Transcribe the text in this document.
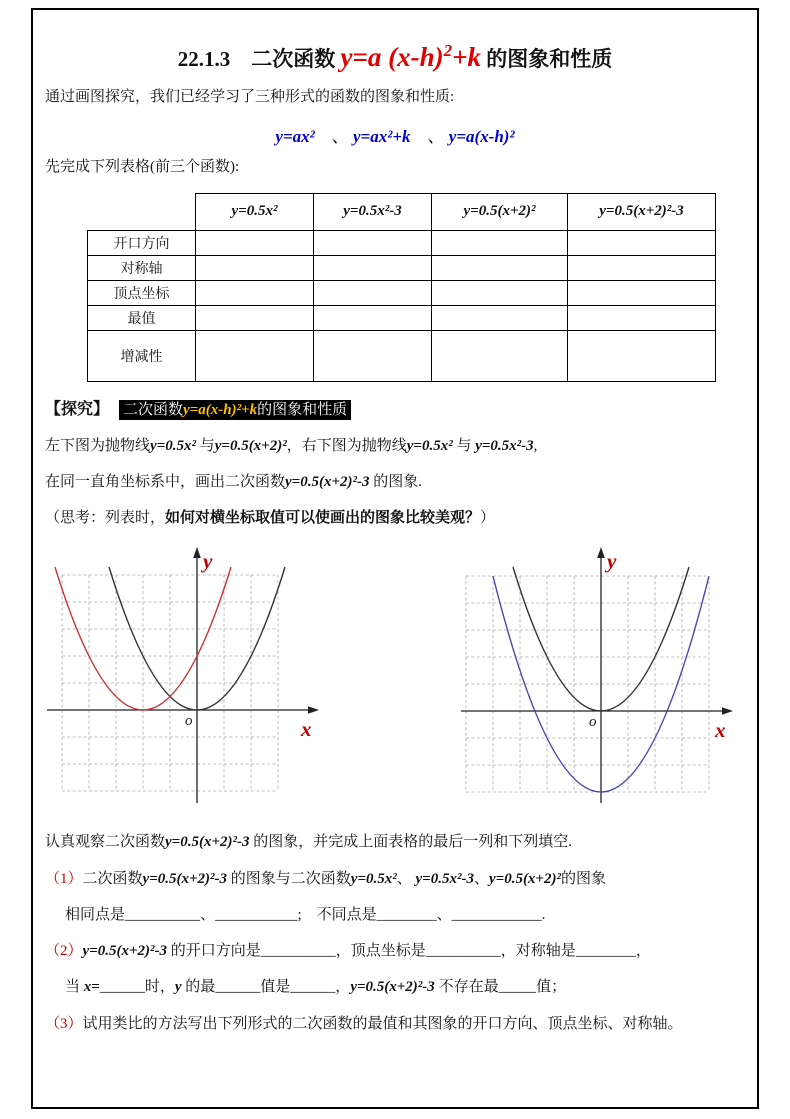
22.1.3　二次函数 y=a $(x-h)^2+k$ 的图象和性质

通过画图探究，我们已经学习了三种形式的函数的图象和性质:

y=ax²　、 y=ax²+k　、 y=a(x-h)²

先完成下列表格(前三个函数):

	y=0.5x²	y=0.5x²-3	y=0.5(x+2)²	y=0.5(x+2)²-3
开口方向				
对称轴				
顶点坐标				
最值				
增减性				

【探究】 二次函数y=a(x-h)²+k的图象和性质

左下图为抛物线y=0.5x² 与y=0.5(x+2)²，右下图为抛物线y=0.5x² 与 y=0.5x²-3,

在同一直角坐标系中，画出二次函数y=0.5(x+2)²-3 的图象.

（思考：列表时，如何对横坐标取值可以使画出的图象比较美观？）

y
x
o
y
x
o

认真观察二次函数y=0.5(x+2)²-3 的图象，并完成上面表格的最后一列和下列填空.

（1）二次函数y=0.5(x+2)²-3 的图象与二次函数y=0.5x²、 y=0.5x²-3、y=0.5(x+2)²的图象

相同点是__________、___________;　不同点是________、____________.

（2）y=0.5(x+2)²-3 的开口方向是__________，顶点坐标是__________，对称轴是________，

当 x=______时，y 的最______值是______，y=0.5(x+2)²-3 不存在最_____值；

（3）试用类比的方法写出下列形式的二次函数的最值和其图象的开口方向、顶点坐标、对称轴。
